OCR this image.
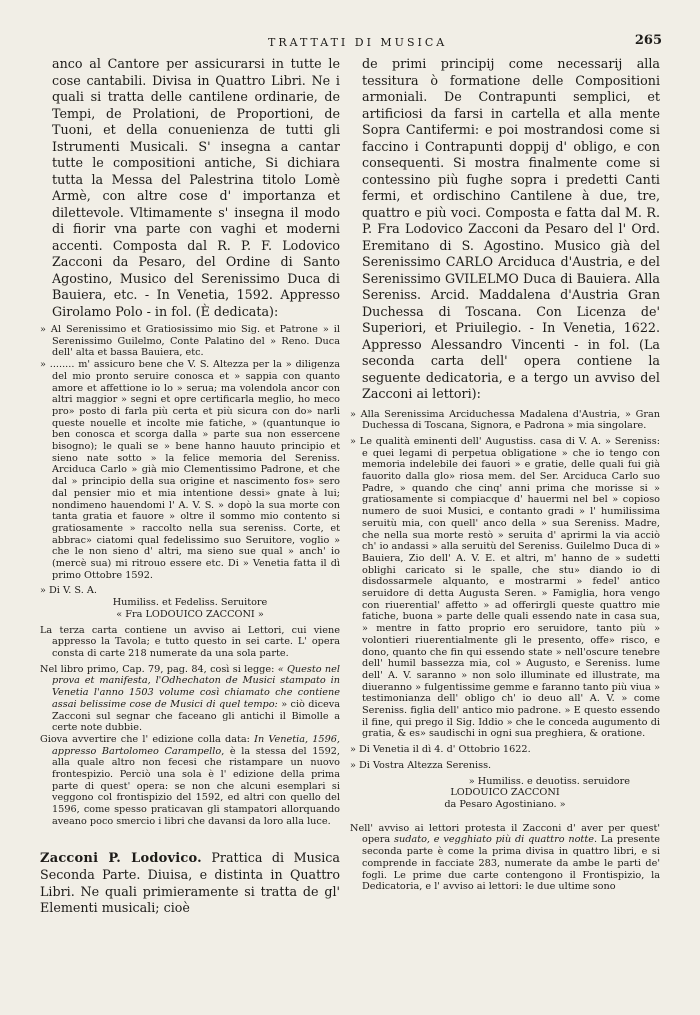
TRATTATI DI MUSICA	265

anco al Cantore per assicurarsi in tutte le cose cantabili. Divisa in Quattro Libri. Ne i quali si tratta delle cantilene ordinarie, de Tempi, de Prolationi, de Proportioni, de Tuoni, et della conuenienza de tutti gli Istrumenti Musicali. S' insegna a cantar tutte le compositioni antiche, Si dichiara tutta la Messa del Palestrina titolo Lomè Armè, con altre cose d' importanza et dilettevole. Vltimamente s' insegna il modo di fiorir vna parte con vaghi et moderni accenti. Composta dal R. P. F. Lodovico Zacconi da Pesaro, del Ordine di Santo Agostino, Musico del Serenissimo Duca di Bauiera, etc. - In Venetia, 1592. Appresso Girolamo Polo - in fol. (È dedicata):

» Al Serenissimo et Gratiosissimo mio Sig. et Patrone » il Serenissimo Guilelmo, Conte Palatino del » Reno. Duca dell' alta et bassa Bauiera, etc.

» ........ m' assicuro bene che V. S. Altezza per la » diligenza del mio pronto seruire conosca et » sappia con quanto amore et affettione io lo » serua; ma volendola ancor con altri maggior » segni et opre certificarla meglio, ho meco pro» posto di farla più certa et più sicura con do» narli queste nouelle et incolte mie fatiche, » (quantunque io ben conosca et scorga dalla » parte sua non essercene bisogno); le quali se » bene hanno hauuto principio et sieno nate sotto » la felice memoria del Sereniss. Arciduca Carlo » già mio Clementissimo Padrone, et che dal » principio della sua origine et nascimento fos» sero dal pensier mio et mia intentione dessi» gnate à lui; nondimeno hauendomi l' A. V. S. » dopò la sua morte con tanta gratia et fauore » oltre il sommo mio contento si gratiosamente » raccolto nella sua sereniss. Corte, et abbrac» ciatomi qual fedelissimo suo Seruitore, voglio » che le non sieno d' altri, ma sieno sue qual » anch' io (mercè sua) mi ritrouo essere etc. Di » Venetia fatta il dì primo Ottobre 1592.

» Di V. S. A.

Humiliss. et Fedeliss. Seruitore

« Fra LODOUICO ZACCONI »

La terza carta contiene un avviso ai Lettori, cui viene appresso la Tavola; e tutto questo in sei carte. L' opera consta di carte 218 numerate da una sola parte.

Nel libro primo, Cap. 79, pag. 84, così si legge: « Questo nel prova et manifesta, l'Odhechaton de Musici stampato in Venetia l'anno 1503 volume così chiamato che contiene assai belissime cose de Musici di quel tempo: » ciò diceva Zacconi sul segnar che faceano gli antichi il Bimolle a certe note dubbie.

Giova avvertire che l' edizione colla data: In Venetia, 1596, appresso Bartolomeo Carampello, è la stessa del 1592, alla quale altro non fecesi che ristampare un nuovo frontespizio. Perciò una sola è l' edizione della prima parte di quest' opera: se non che alcuni esemplari si veggono col frontispizio del 1592, ed altri con quello del 1596, come spesso praticavan gli stampatori allorquando aveano poco smercio i libri che davansi da loro alla luce.

Zacconi P. Lodovico. Prattica di Musica Seconda Parte. Diuisa, e distinta in Quattro Libri. Ne quali primieramente si tratta de gl' Elementi musicali; cioè

de primi principij come necessarij alla tessitura ò formatione delle Compositioni armoniali. De Contrapunti semplici, et artificiosi da farsi in cartella et alla mente Sopra Cantifermi: e poi mostrandosi come si faccino i Contrapunti doppij d' obligo, e con consequenti. Si mostra finalmente come si contessino più fughe sopra i predetti Canti fermi, et ordischino Cantilene à due, tre, quattro e più voci. Composta e fatta dal M. R. P. Fra Lodovico Zacconi da Pesaro del l' Ord. Eremitano di S. Agostino. Musico già del Serenissimo CARLO Arciduca d'Austria, e del Serenissimo GVILELMO Duca di Bauiera. Alla Sereniss. Arcid. Maddalena d'Austria Gran Duchessa di Toscana. Con Licenza de' Superiori, et Priuilegio. - In Venetia, 1622. Appresso Alessandro Vincenti - in fol. (La seconda carta dell' opera contiene la seguente dedicatoria, e a tergo un avviso del Zacconi ai lettori):

» Alla Serenissima Arciduchessa Madalena d'Austria, » Gran Duchessa di Toscana, Signora, e Padrona » mia singolare.

» Le qualità eminenti dell' Augustiss. casa di V. A. » Sereniss: e quei legami di perpetua obligatione » che io tengo con memoria indelebile dei fauori » e gratie, delle quali fui già fauorito dalla glo» riosa mem. del Ser. Arciduca Carlo suo Padre, » quando che cinq' anni prima che morisse si » gratiosamente si compiacque d' hauermi nel bel » copioso numero de suoi Musici, e contanto gradi » l' humilissima seruitù mia, con quell' anco della » sua Sereniss. Madre, che nella sua morte restò » seruita d' aprirmi la via acciò ch' io andassi » alla seruitù del Sereniss. Guilelmo Duca di » Bauiera, Zio dell' A. V. E. et altri, m' hanno de » sudetti oblighi caricato si le spalle, che stu» diando io di disdossarmele alquanto, e mostrarmi » fedel' antico seruidore di detta Augusta Seren. » Famiglia, hora vengo con riuerential' affetto » ad offerirgli queste quattro mie fatiche, buona » parte delle quali essendo nate in casa sua, » mentre in fatto proprio ero seruidore, tanto più » volontieri riuerentialmente gli le presento, offe» risco, e dono, quanto che fin qui essendo state » nell'oscure tenebre dell' humil bassezza mia, col » Augusto, e Sereniss. lume dell' A. V. saranno » non solo illuminate ed illustrate, ma diueranno » fulgentissime gemme e faranno tanto più viua » testimonianza dell' obligo ch' io deuo all' A. V. » come Sereniss. figlia dell' antico mio padrone. » E questo essendo il fine, qui prego il Sig. Iddio » che le conceda augumento di gratia, & es» saudischi in ogni sua preghiera, & oratione.

» Di Venetia il dì 4. d' Ottobrio 1622.

» Di Vostra Altezza Sereniss.

» Humiliss. e deuotiss. seruidore

LODOUICO ZACCONI

da Pesaro Agostiniano. »

Nell' avviso ai lettori protesta il Zacconi d' aver per quest' opera sudato, e vegghiato più di quattro notte. La presente seconda parte è come la prima divisa in quattro libri, e si comprende in facciate 283, numerate da ambe le parti de' fogli. Le prime due carte contengono il Frontispizio, la Dedicatoria, e l' avviso ai lettori: le due ultime sono
